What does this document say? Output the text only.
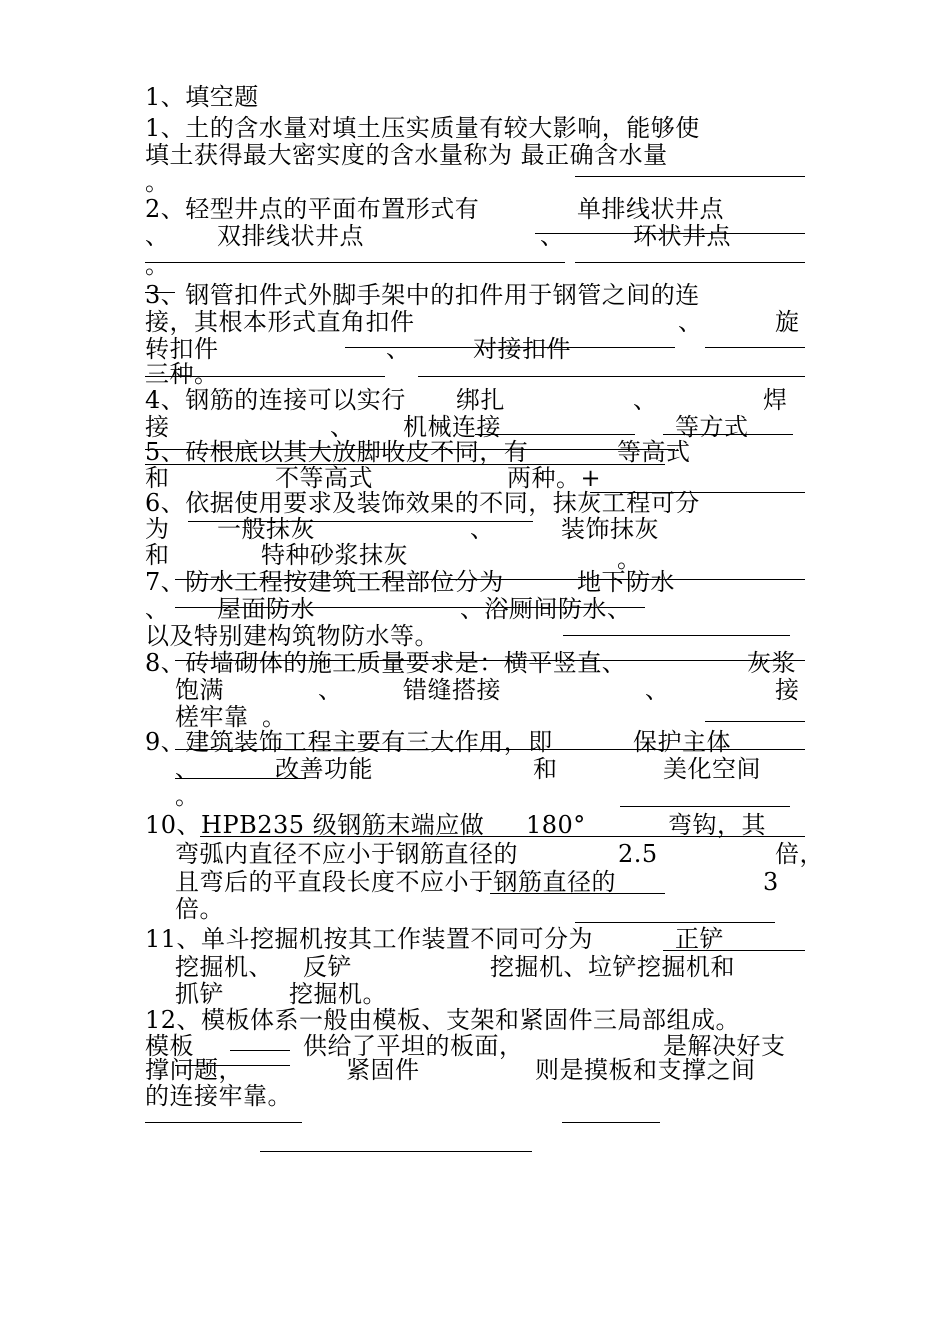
1、填空题
1、土的含水量对填土压实质量有较大影响，能够使
填土获得最大密实度的含水量称为 最正确含水量
。
2、轻型井点的平面布置形式有	单排线状井点
、 双排线状井点	、	环状井点
。
3、钢管扣件式外脚手架中的扣件用于钢管之间的连
接，其根本形式直角扣件	、	旋
转扣件	、	对接扣件
三种。
4、钢筋的连接可以实行 绑扎	、	焊
接	、 机械连接	等方式
5、砖根底以其大放脚收皮不同，有	等高式
和	不等高式	两种。+
6、依据使用要求及装饰效果的不同，抹灰工程可分
为 一般抹灰	、	装饰抹灰
和	特种砂浆抹灰	。
7、防水工程按建筑工程部位分为	地下防水
、 屋面防水	、浴厕间防水、
以及特别建构筑物防水等。
8、砖墙砌体的施工质量要求是：横平竖直、	灰浆
饱满	、	错缝搭接	、	接
槎牢靠 。
9、建筑装饰工程主要有三大作用，即	保护主体
、	改善功能	和	美化空间
。
10、HPB235 级钢筋末端应做 180°	弯钩，其
弯弧内直径不应小于钢筋直径的	2.5	倍，
且弯后的平直段长度不应小于钢筋直径的	3
倍。
11、单斗挖掘机按其工作装置不同可分为	正铲
挖掘机、 反铲	挖掘机、垃铲挖掘机和
抓铲	挖掘机。
12、模板体系一般由模板、支架和紧固件三局部组成。
模板	供给了平坦的板面，	是解决好支
撑问题，	紧固件	则是摸板和支撑之间
的连接牢靠。
